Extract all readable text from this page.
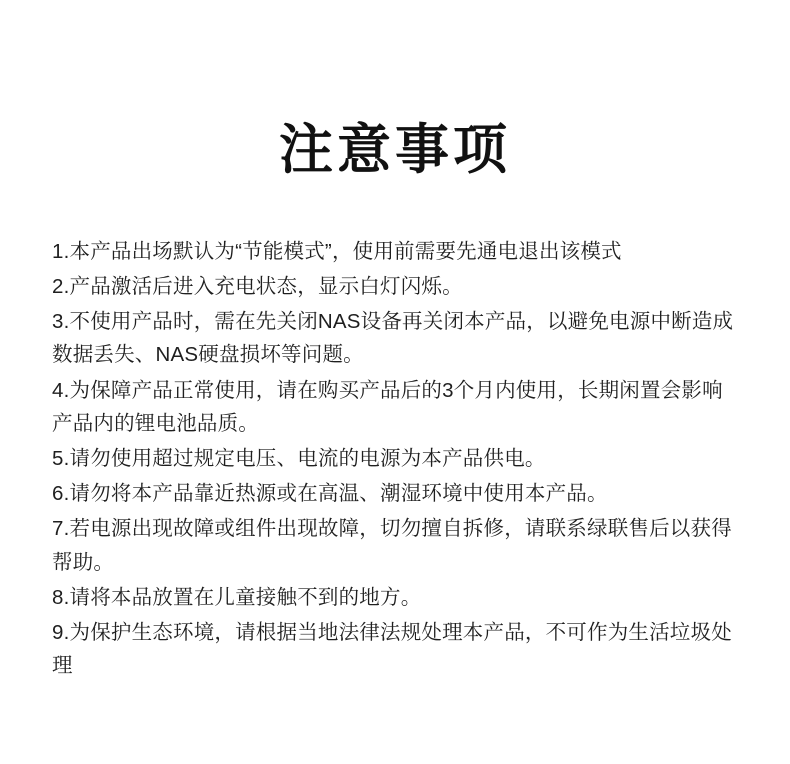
注意事项
1.本产品出场默认为“节能模式”，使用前需要先通电退出该模式
2.产品激活后进入充电状态，显示白灯闪烁。
3.不使用产品时，需在先关闭NAS设备再关闭本产品，以避免电源中断造成数据丢失、NAS硬盘损坏等问题。
4.为保障产品正常使用，请在购买产品后的3个月内使用，长期闲置会影响产品内的锂电池品质。
5.请勿使用超过规定电压、电流的电源为本产品供电。
6.请勿将本产品靠近热源或在高温、潮湿环境中使用本产品。
7.若电源出现故障或组件出现故障，切勿擅自拆修，请联系绿联售后以获得帮助。
8.请将本品放置在儿童接触不到的地方。
9.为保护生态环境，请根据当地法律法规处理本产品，不可作为生活垃圾处理
